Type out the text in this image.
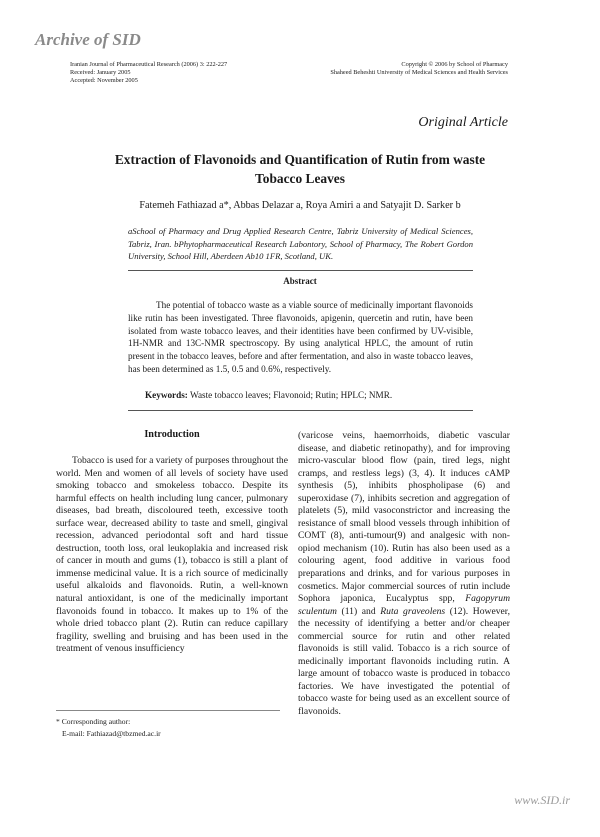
Archive of SID
Iranian Journal of Pharmaceutical Research (2006) 3: 222-227
Received: January 2005
Accepted: November 2005
Copyright © 2006 by School of Pharmacy
Shaheed Beheshti University of Medical Sciences and Health Services
Original Article
Extraction of Flavonoids and Quantification of Rutin from waste
Tobacco Leaves
Fatemeh Fathiazad a*, Abbas Delazar a, Roya Amiri a and Satyajit D. Sarker b
aSchool of Pharmacy and Drug Applied Research Centre, Tabriz University of Medical Sciences, Tabriz, Iran. bPhytopharmaceutical Research Labontory, School of Pharmacy, The Robert Gordon University, School Hill, Aberdeen Ab10 1FR, Scotland, UK.
Abstract

The potential of tobacco waste as a viable source of medicinally important flavonoids like rutin has been investigated. Three flavonoids, apigenin, quercetin and rutin, have been isolated from waste tobacco leaves, and their identities have been confirmed by UV-visible, 1H-NMR and 13C-NMR spectroscopy. By using analytical HPLC, the amount of rutin present in the tobacco leaves, before and after fermentation, and also in waste tobacco leaves, has been determined as 1.5, 0.5 and 0.6%, respectively.

Keywords: Waste tobacco leaves; Flavonoid; Rutin; HPLC; NMR.
Introduction

Tobacco is used for a variety of purposes throughout the world. Men and women of all levels of society have used smoking tobacco and smokeless tobacco. Despite its harmful effects on health including lung cancer, pulmonary diseases, bad breath, discoloured teeth, excessive tooth surface wear, decreased ability to taste and smell, gingival recession, advanced periodontal soft and hard tissue destruction, tooth loss, oral leukoplakia and increased risk of cancer in mouth and gums (1), tobacco is still a plant of immense medicinal value. It is a rich source of medicinally useful alkaloids and flavonoids. Rutin, a well-known natural antioxidant, is one of the medicinally important flavonoids found in tobacco. It makes up to 1% of the whole dried tobacco plant (2). Rutin can reduce capillary fragility, swelling and bruising and has been used in the treatment of venous insufficiency

* Corresponding author:
E-mail: Fathiazad@tbzmed.ac.ir

(varicose veins, haemorrhoids, diabetic vascular disease, and diabetic retinopathy), and for improving micro-vascular blood flow (pain, tired legs, night cramps, and restless legs) (3, 4). It induces cAMP synthesis (5), inhibits phospholipase (6) and superoxidase (7), inhibits secretion and aggregation of platelets (5), mild vasoconstrictor and increasing the resistance of small blood vessels through inhibition of COMT (8), anti-tumour(9) and analgesic with non-opiod mechanism (10). Rutin has also been used as a colouring agent, food additive in various food preparations and drinks, and for various purposes in cosmetics. Major commercial sources of rutin include Sophora japonica, Eucalyptus spp, Fagopyrum sculentum (11) and Ruta graveolens (12). However, the necessity of identifying a better and/or cheaper commercial source for rutin and other related flavonoids is still valid. Tobacco is a rich source of medicinally important flavonoids including rutin. A large amount of tobacco waste is produced in tobacco factories. We have investigated the potential of tobacco waste for being used as an excellent source of flavonoids.

www.SID.ir
